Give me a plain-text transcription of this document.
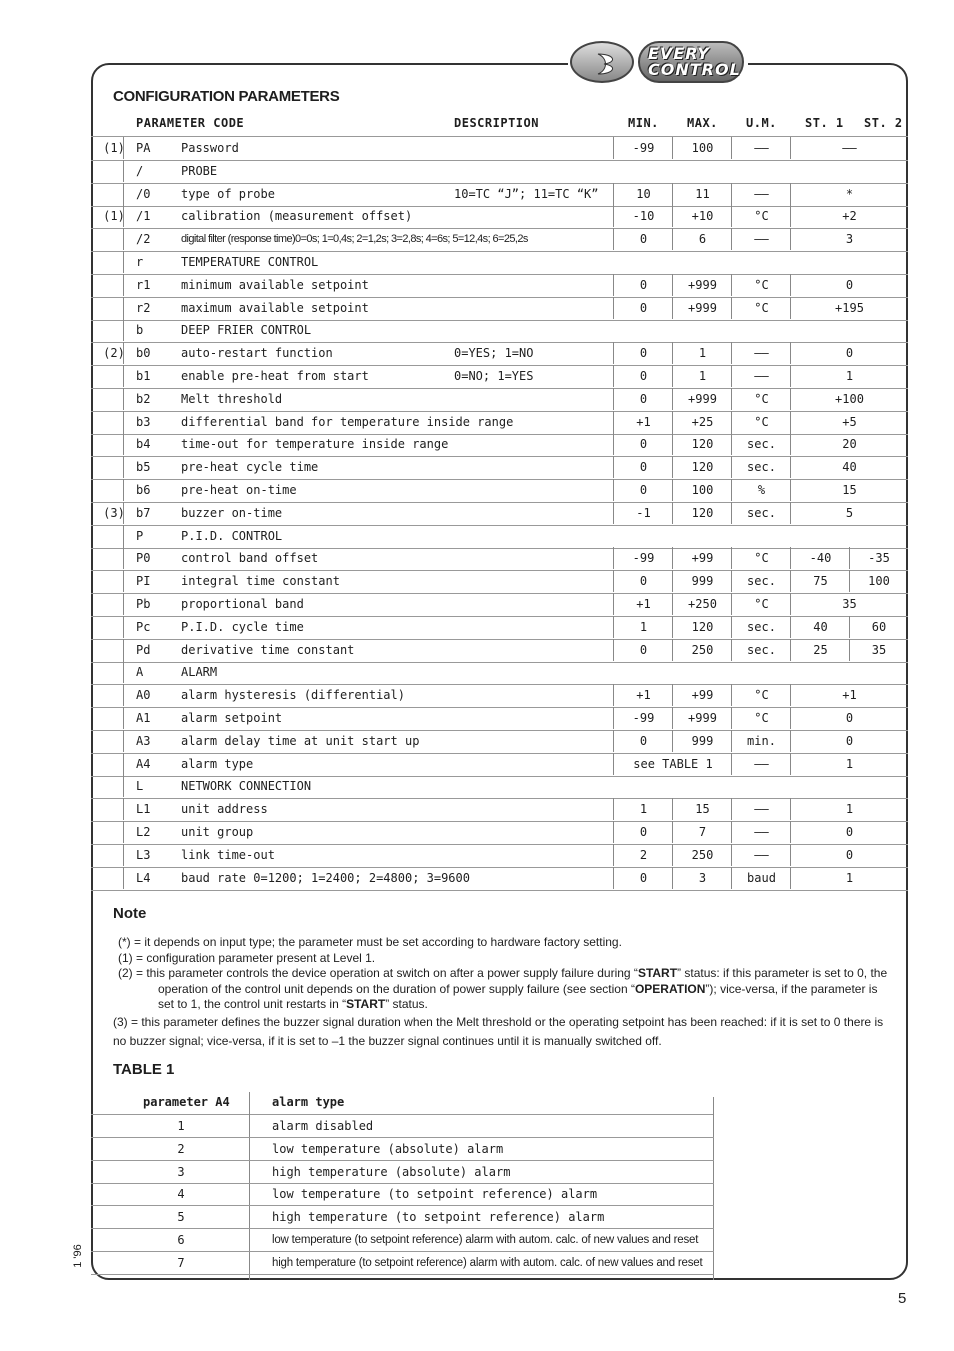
EVERY
CONTROL
CONFIGURATION PARAMETERS
PARAMETER CODE	DESCRIPTION	MIN. MAX. U.M. ST. 1 ST. 2
(1) PA	Password	-99	100	——	——
/	PROBE
/0	type of probe	10=TC “J”; 11=TC “K”	10	11	——	*
(1) /1	calibration (measurement offset)	-10	+10	°C	+2
/2	digital filter (response time)0=0s; 1=0,4s; 2=1,2s; 3=2,8s; 4=6s; 5=12,4s; 6=25,2s	0	6	——	3
r	TEMPERATURE CONTROL
r1	minimum available setpoint	0	+999	°C	0
r2	maximum available setpoint	0	+999	°C	+195
b	DEEP FRIER CONTROL
(2) b0	auto-restart function	0=YES; 1=NO	0	1	——	0
b1	enable pre-heat from start	0=NO; 1=YES	0	1	——	1
b2	Melt threshold	0	+999	°C	+100
b3	differential band for temperature inside range	+1	+25	°C	+5
b4	time-out for temperature inside range	0	120	sec.	20
b5	pre-heat cycle time	0	120	sec.	40
b6	pre-heat on-time	0	100	%	15
(3) b7	buzzer on-time	-1	120	sec.	5
P	P.I.D. CONTROL
P0	control band offset	-99	+99	°C	-40	-35
PI	integral time constant	0	999	sec.	75	100
Pb	proportional band	+1	+250	°C	35
Pc	P.I.D. cycle time	1	120	sec.	40	60
Pd	derivative time constant	0	250	sec.	25	35
A	ALARM
A0	alarm hysteresis (differential)	+1	+99	°C	+1
A1	alarm setpoint	-99	+999	°C	0
A3	alarm delay time at unit start up	0	999	min.	0
A4	alarm type	see TABLE 1	——	1
L	NETWORK CONNECTION
L1	unit address	1	15	——	1
L2	unit group	0	7	——	0
L3	link time-out	2	250	——	0
L4	baud rate 0=1200; 1=2400; 2=4800; 3=9600	0	3	baud	1
Note

(*) = it depends on input type; the parameter must be set according to hardware factory setting.

(1) = configuration parameter present at Level 1.

(2) = this parameter controls the device operation at switch on after a power supply failure during “START” status: if this parameter is set to 0, the operation of the control unit depends on the duration of power supply failure (see section “OPERATION”); vice-versa, if the parameter is set to 1, the control unit restarts in “START” status.

(3) = this parameter defines the buzzer signal duration when the Melt threshold or the operating setpoint has been reached: if it is set to 0 there is no buzzer signal; vice-versa, if it is set to –1 the buzzer signal continues until it is manually switched off.

TABLE 1
parameter A4	alarm type
1	alarm disabled
2	low temperature (absolute) alarm
3	high temperature (absolute) alarm
4	low temperature (to setpoint reference) alarm
5	high temperature (to setpoint reference) alarm
6	low temperature (to setpoint reference) alarm with autom. calc. of new values and reset
7	high temperature (to setpoint reference) alarm with autom. calc. of new values and reset
1 '96
5
